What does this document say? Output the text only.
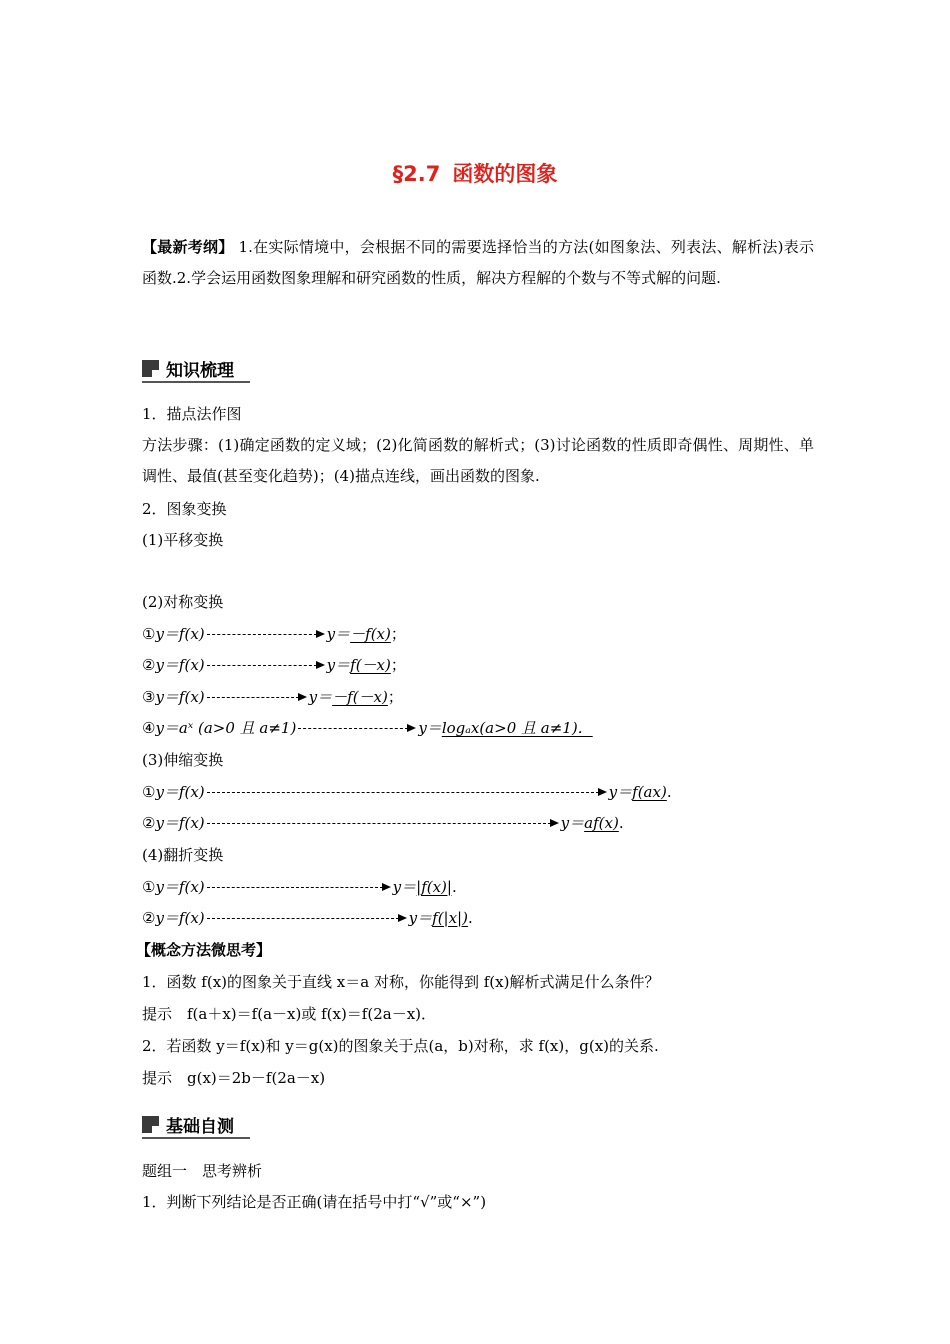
§2.7 函数的图象
【最新考纲】 1.在实际情境中，会根据不同的需要选择恰当的方法(如图象法、列表法、解析法)表示函数.2.学会运用函数图象理解和研究函数的性质，解决方程解的个数与不等式解的问题.
知识梳理
1．描点法作图
方法步骤：(1)确定函数的定义域；(2)化简函数的解析式；(3)讨论函数的性质即奇偶性、周期性、单调性、最值(甚至变化趋势)；(4)描点连线，画出函数的图象.
2．图象变换
(1)平移变换
(2)对称变换
①y＝f(x)	y＝－f(x)；
②y＝f(x)	y＝f(－x)；
③y＝f(x)	y＝－f(－x)；
④y＝aˣ (a>0 且 a≠1)	y＝logₐx(a>0 且 a≠1)．
(3)伸缩变换
①y＝f(x)	y＝f(ax).
②y＝f(x)	y＝af(x).
(4)翻折变换
①y＝f(x)	y＝|f(x)|.
②y＝f(x)	y＝f(|x|).
【概念方法微思考】
1．函数 f(x)的图象关于直线 x＝a 对称，你能得到 f(x)解析式满足什么条件？
提示　f(a＋x)＝f(a－x)或 f(x)＝f(2a－x)．
2．若函数 y＝f(x)和 y＝g(x)的图象关于点(a，b)对称，求 f(x)，g(x)的关系.
提示　g(x)＝2b－f(2a－x)
基础自测
题组一　思考辨析
1．判断下列结论是否正确(请在括号中打“√”或“×”)
